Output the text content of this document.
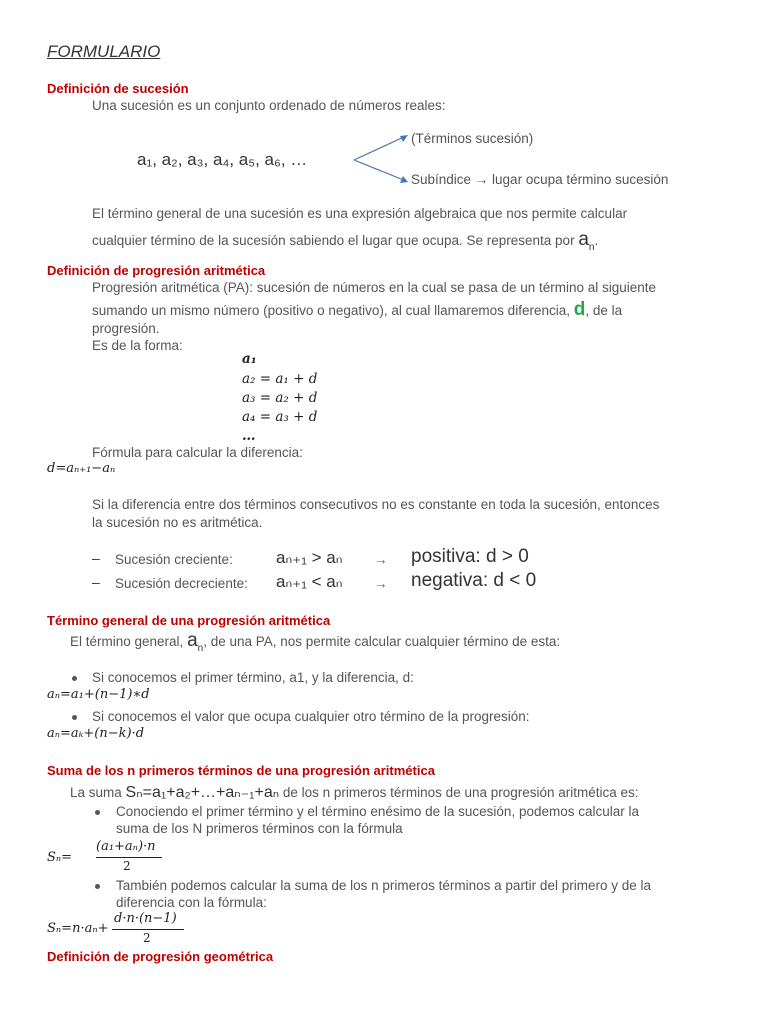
FORMULARIO
Definición de sucesión
Una sucesión es un conjunto ordenado de números reales:
a₁, a₂, a₃, a₄, a₅, a₆, …
(Términos sucesión)
Subíndice → lugar ocupa término sucesión
El término general de una sucesión es una expresión algebraica que nos permite calcular
cualquier término de la sucesión sabiendo el lugar que ocupa. Se representa por $a_n$.
Definición de progresión aritmética
Progresión aritmética (PA): sucesión de números en la cual se pasa de un término al siguiente
sumando un mismo número (positivo o negativo), al cual llamaremos diferencia, d, de la
progresión.
Es de la forma:
a₁
a₂ = a₁ + d
a₃ = a₂ + d
a₄ = a₃ + d
…
Fórmula para calcular la diferencia:
d=aₙ₊₁−aₙ
Si la diferencia entre dos términos consecutivos no es constante en toda la sucesión, entonces
la sucesión no es aritmética.
– Sucesión creciente:	aₙ₊₁ > aₙ → positiva: d > 0
– Sucesión decreciente: aₙ₊₁ < aₙ → negativa: d < 0
Término general de una progresión aritmética
El término general, $a_n$, de una PA, nos permite calcular cualquier término de esta:
Si conocemos el primer término, a1, y la diferencia, d:
aₙ=a₁+(n−1)∗d
Si conocemos el valor que ocupa cualquier otro término de la progresión:
aₙ=aₖ+(n−k)·d
Suma de los n primeros términos de una progresión aritmética
La suma Sₙ=a₁+a₂+…+aₙ₋₁+aₙ de los n primeros términos de una progresión aritmética es:
Conociendo el primer término y el término enésimo de la sucesión, podemos calcular la
suma de los N primeros términos con la fórmula
Sₙ=
(a₁+aₙ)·n
2
También podemos calcular la suma de los n primeros términos a partir del primero y de la
diferencia con la fórmula:
Sₙ=n·aₙ+
d·n·(n−1)
2
Definición de progresión geométrica
